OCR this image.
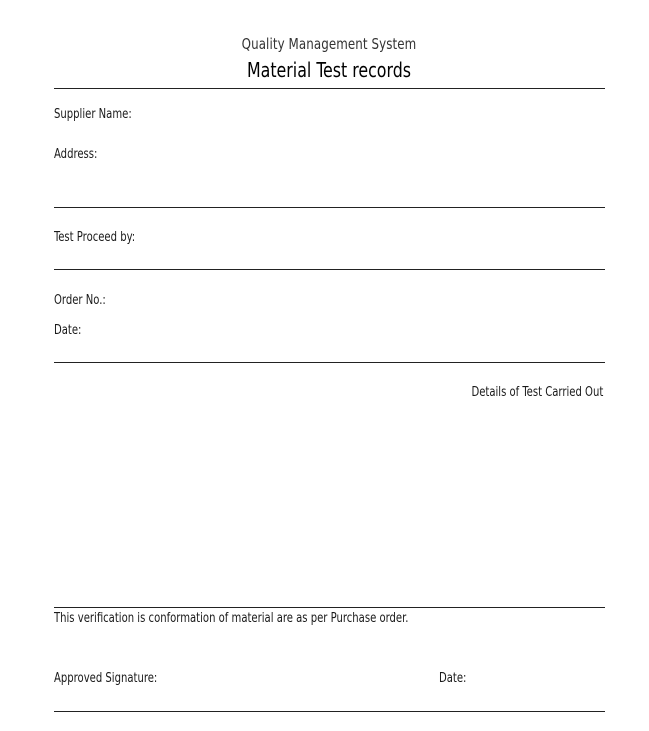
Quality Management System
Material Test records
Supplier Name:
Address:
Test Proceed by:
Order No.:
Date:
Details of Test Carried Out
This verification is conformation of material are as per Purchase order.
Approved Signature:	Date:
